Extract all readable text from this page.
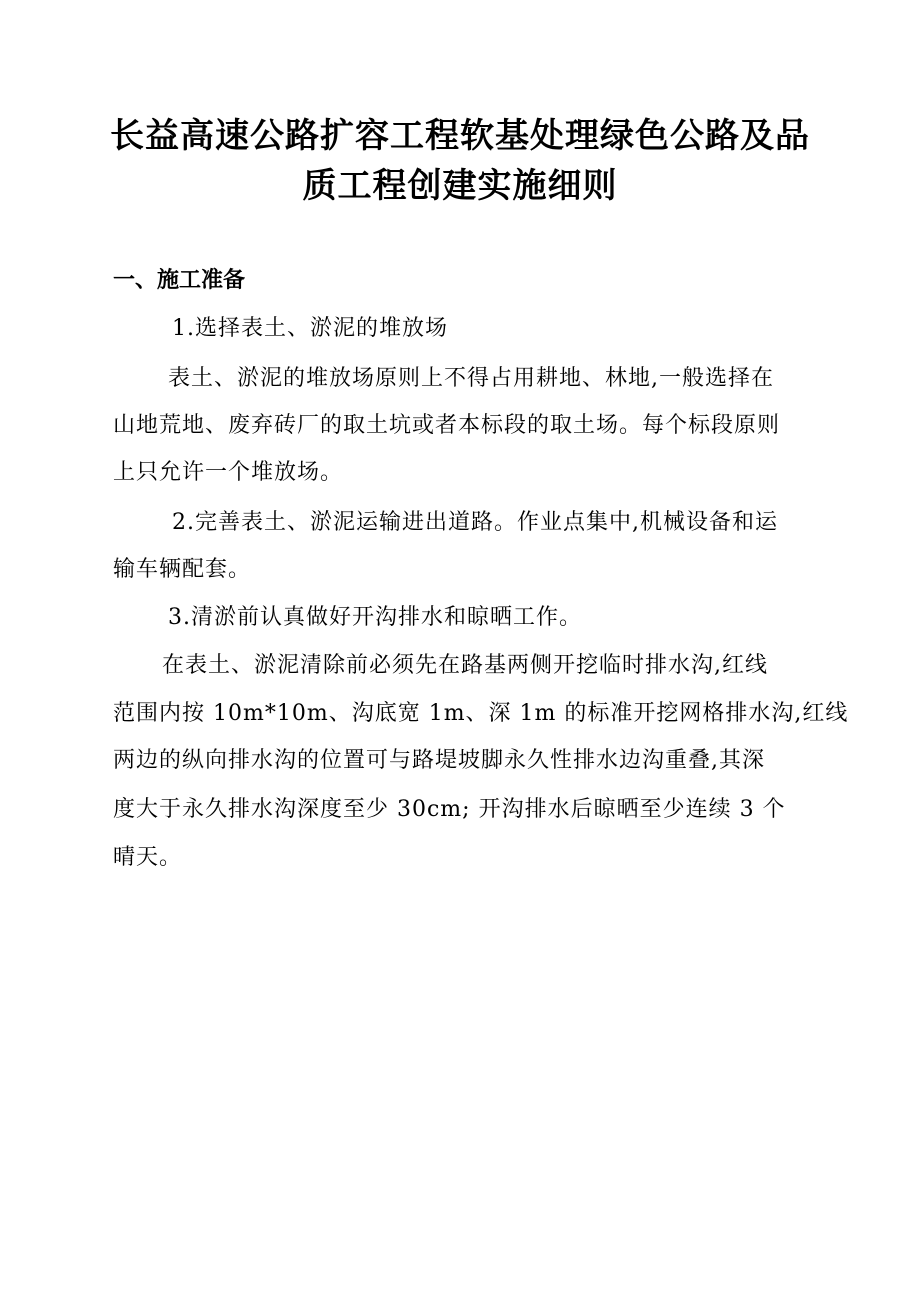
长益高速公路扩容工程软基处理绿色公路及品
质工程创建实施细则
一、施工准备
1.选择表土、淤泥的堆放场
表土、淤泥的堆放场原则上不得占用耕地、林地,一般选择在
山地荒地、废弃砖厂的取土坑或者本标段的取土场。每个标段原则
上只允许一个堆放场。
2.完善表土、淤泥运输进出道路。作业点集中,机械设备和运
输车辆配套。
3.清淤前认真做好开沟排水和晾晒工作。
在表土、淤泥清除前必须先在路基两侧开挖临时排水沟,红线
范围内按 10m*10m、沟底宽 1m、深 1m 的标准开挖网格排水沟,红线
两边的纵向排水沟的位置可与路堤坡脚永久性排水边沟重叠,其深
度大于永久排水沟深度至少 30cm; 开沟排水后晾晒至少连续 3 个
晴天。
